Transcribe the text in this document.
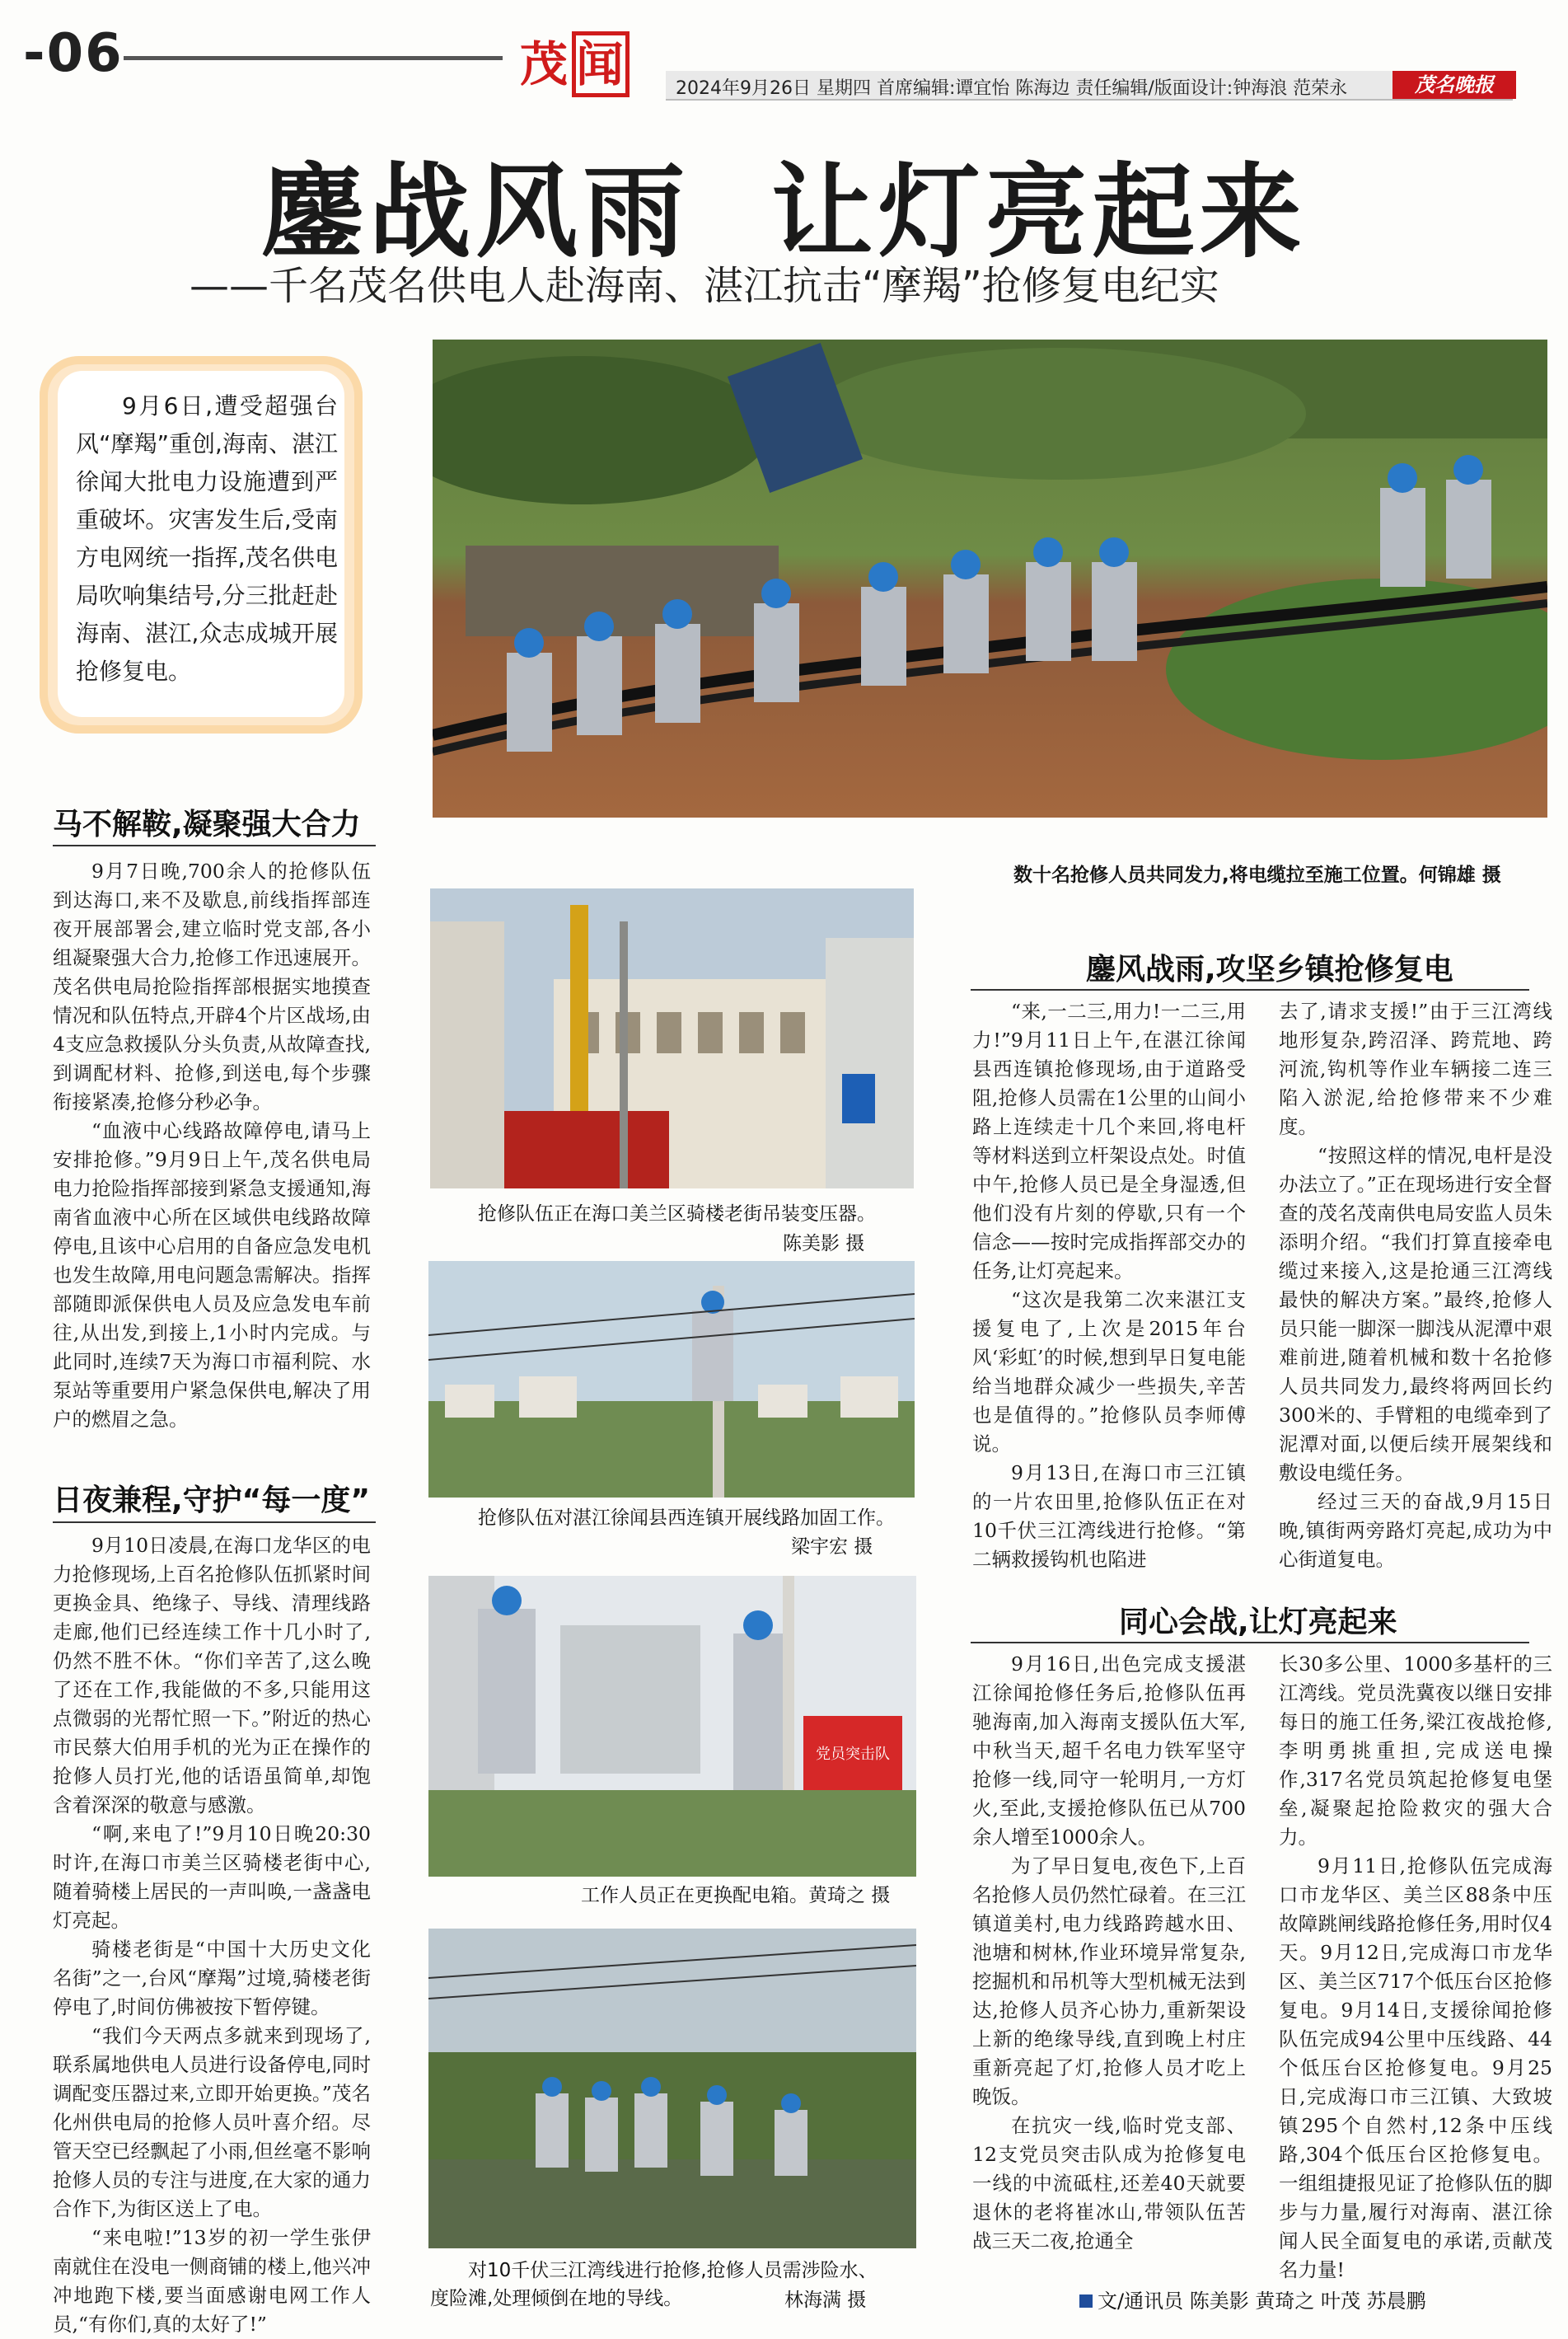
-06	茂 闻	2024年9月26日 星期四 首席编辑:谭宜怡 陈海边 责任编辑/版面设计:钟海浪 范荣永	茂名晚报
鏖战风雨  让灯亮起来
——千名茂名供电人赴海南、湛江抗击“摩羯”抢修复电纪实
9月6日,遭受超强台风“摩羯”重创,海南、湛江徐闻大批电力设施遭到严重破坏。灾害发生后,受南方电网统一指挥,茂名供电局吹响集结号,分三批赶赴海南、湛江,众志成城开展抢修复电。
数十名抢修人员共同发力,将电缆拉至施工位置。何锦雄 摄
马不解鞍,凝聚强大合力

9月7日晚,700余人的抢修队伍到达海口,来不及歇息,前线指挥部连夜开展部署会,建立临时党支部,各小组凝聚强大合力,抢修工作迅速展开。茂名供电局抢险指挥部根据实地摸查情况和队伍特点,开辟4个片区战场,由4支应急救援队分头负责,从故障查找,到调配材料、抢修,到送电,每个步骤衔接紧凑,抢修分秒必争。

“血液中心线路故障停电,请马上安排抢修。”9月9日上午,茂名供电局电力抢险指挥部接到紧急支援通知,海南省血液中心所在区域供电线路故障停电,且该中心启用的自备应急发电机也发生故障,用电问题急需解决。指挥部随即派保供电人员及应急发电车前往,从出发,到接上,1小时内完成。与此同时,连续7天为海口市福利院、水泵站等重要用户紧急保供电,解决了用户的燃眉之急。

日夜兼程,守护“每一度”

9月10日凌晨,在海口龙华区的电力抢修现场,上百名抢修队伍抓紧时间更换金具、绝缘子、导线、清理线路走廊,他们已经连续工作十几小时了,仍然不胜不休。“你们辛苦了,这么晚了还在工作,我能做的不多,只能用这点微弱的光帮忙照一下。”附近的热心市民蔡大伯用手机的光为正在操作的抢修人员打光,他的话语虽简单,却饱含着深深的敬意与感激。

“啊,来电了!”9月10日晚20:30时许,在海口市美兰区骑楼老街中心,随着骑楼上居民的一声叫唤,一盏盏电灯亮起。

骑楼老街是“中国十大历史文化名街”之一,台风“摩羯”过境,骑楼老街停电了,时间仿佛被按下暂停键。

“我们今天两点多就来到现场了,联系属地供电人员进行设备停电,同时调配变压器过来,立即开始更换。”茂名化州供电局的抢修人员叶喜介绍。尽管天空已经飘起了小雨,但丝毫不影响抢修人员的专注与进度,在大家的通力合作下,为街区送上了电。

“来电啦!”13岁的初一学生张伊南就住在没电一侧商铺的楼上,他兴冲冲地跑下楼,要当面感谢电网工作人员,“有你们,真的太好了!”

抢修队伍正在海口美兰区骑楼老街吊装变压器。
陈美影 摄
抢修队伍对湛江徐闻县西连镇开展线路加固工作。
梁宇宏 摄
党员突击队
工作人员正在更换配电箱。黄琦之 摄
对10千伏三江湾线进行抢修,抢修人员需涉险水、
度险滩,处理倾倒在地的导线。	林海满 摄
鏖风战雨,攻坚乡镇抢修复电

“来,一二三,用力!一二三,用力!”9月11日上午,在湛江徐闻县西连镇抢修现场,由于道路受阻,抢修人员需在1公里的山间小路上连续走十几个来回,将电杆等材料送到立杆架设点处。时值中午,抢修人员已是全身湿透,但他们没有片刻的停歇,只有一个信念——按时完成指挥部交办的任务,让灯亮起来。

“这次是我第二次来湛江支援复电了,上次是2015年台风‘彩虹’的时候,想到早日复电能给当地群众减少一些损失,辛苦也是值得的。”抢修队员李师傅说。

9月13日,在海口市三江镇的一片农田里,抢修队伍正在对10千伏三江湾线进行抢修。“第二辆救援钩机也陷进

去了,请求支援!”由于三江湾线地形复杂,跨沼泽、跨荒地、跨河流,钩机等作业车辆接二连三陷入淤泥,给抢修带来不少难度。

“按照这样的情况,电杆是没办法立了。”正在现场进行安全督查的茂名茂南供电局安监人员朱添明介绍。“我们打算直接牵电缆过来接入,这是抢通三江湾线最快的解决方案。”最终,抢修人员只能一脚深一脚浅从泥潭中艰难前进,随着机械和数十名抢修人员共同发力,最终将两回长约300米的、手臂粗的电缆牵到了泥潭对面,以便后续开展架线和敷设电缆任务。

经过三天的奋战,9月15日晚,镇街两旁路灯亮起,成功为中心街道复电。

同心会战,让灯亮起来

9月16日,出色完成支援湛江徐闻抢修任务后,抢修队伍再驰海南,加入海南支援队伍大军,中秋当天,超千名电力铁军坚守抢修一线,同守一轮明月,一方灯火,至此,支援抢修队伍已从700余人增至1000余人。

为了早日复电,夜色下,上百名抢修人员仍然忙碌着。在三江镇道美村,电力线路跨越水田、池塘和树林,作业环境异常复杂,挖掘机和吊机等大型机械无法到达,抢修人员齐心协力,重新架设上新的绝缘导线,直到晚上村庄重新亮起了灯,抢修人员才吃上晚饭。

在抗灾一线,临时党支部、12支党员突击队成为抢修复电一线的中流砥柱,还差40天就要退休的老将崔冰山,带领队伍苦战三天二夜,抢通全

长30多公里、1000多基杆的三江湾线。党员洗冀夜以继日安排每日的施工任务,梁江夜战抢修,李明勇挑重担,完成送电操作,317名党员筑起抢修复电堡垒,凝聚起抢险救灾的强大合力。

9月11日,抢修队伍完成海口市龙华区、美兰区88条中压故障跳闸线路抢修任务,用时仅4天。9月12日,完成海口市龙华区、美兰区717个低压台区抢修复电。9月14日,支援徐闻抢修队伍完成94公里中压线路、44个低压台区抢修复电。9月25日,完成海口市三江镇、大致坡镇295个自然村,12条中压线路,304个低压台区抢修复电。一组组捷报见证了抢修队伍的脚步与力量,履行对海南、湛江徐闻人民全面复电的承诺,贡献茂名力量!

文/通讯员 陈美影 黄琦之 叶茂 苏晨鹏
